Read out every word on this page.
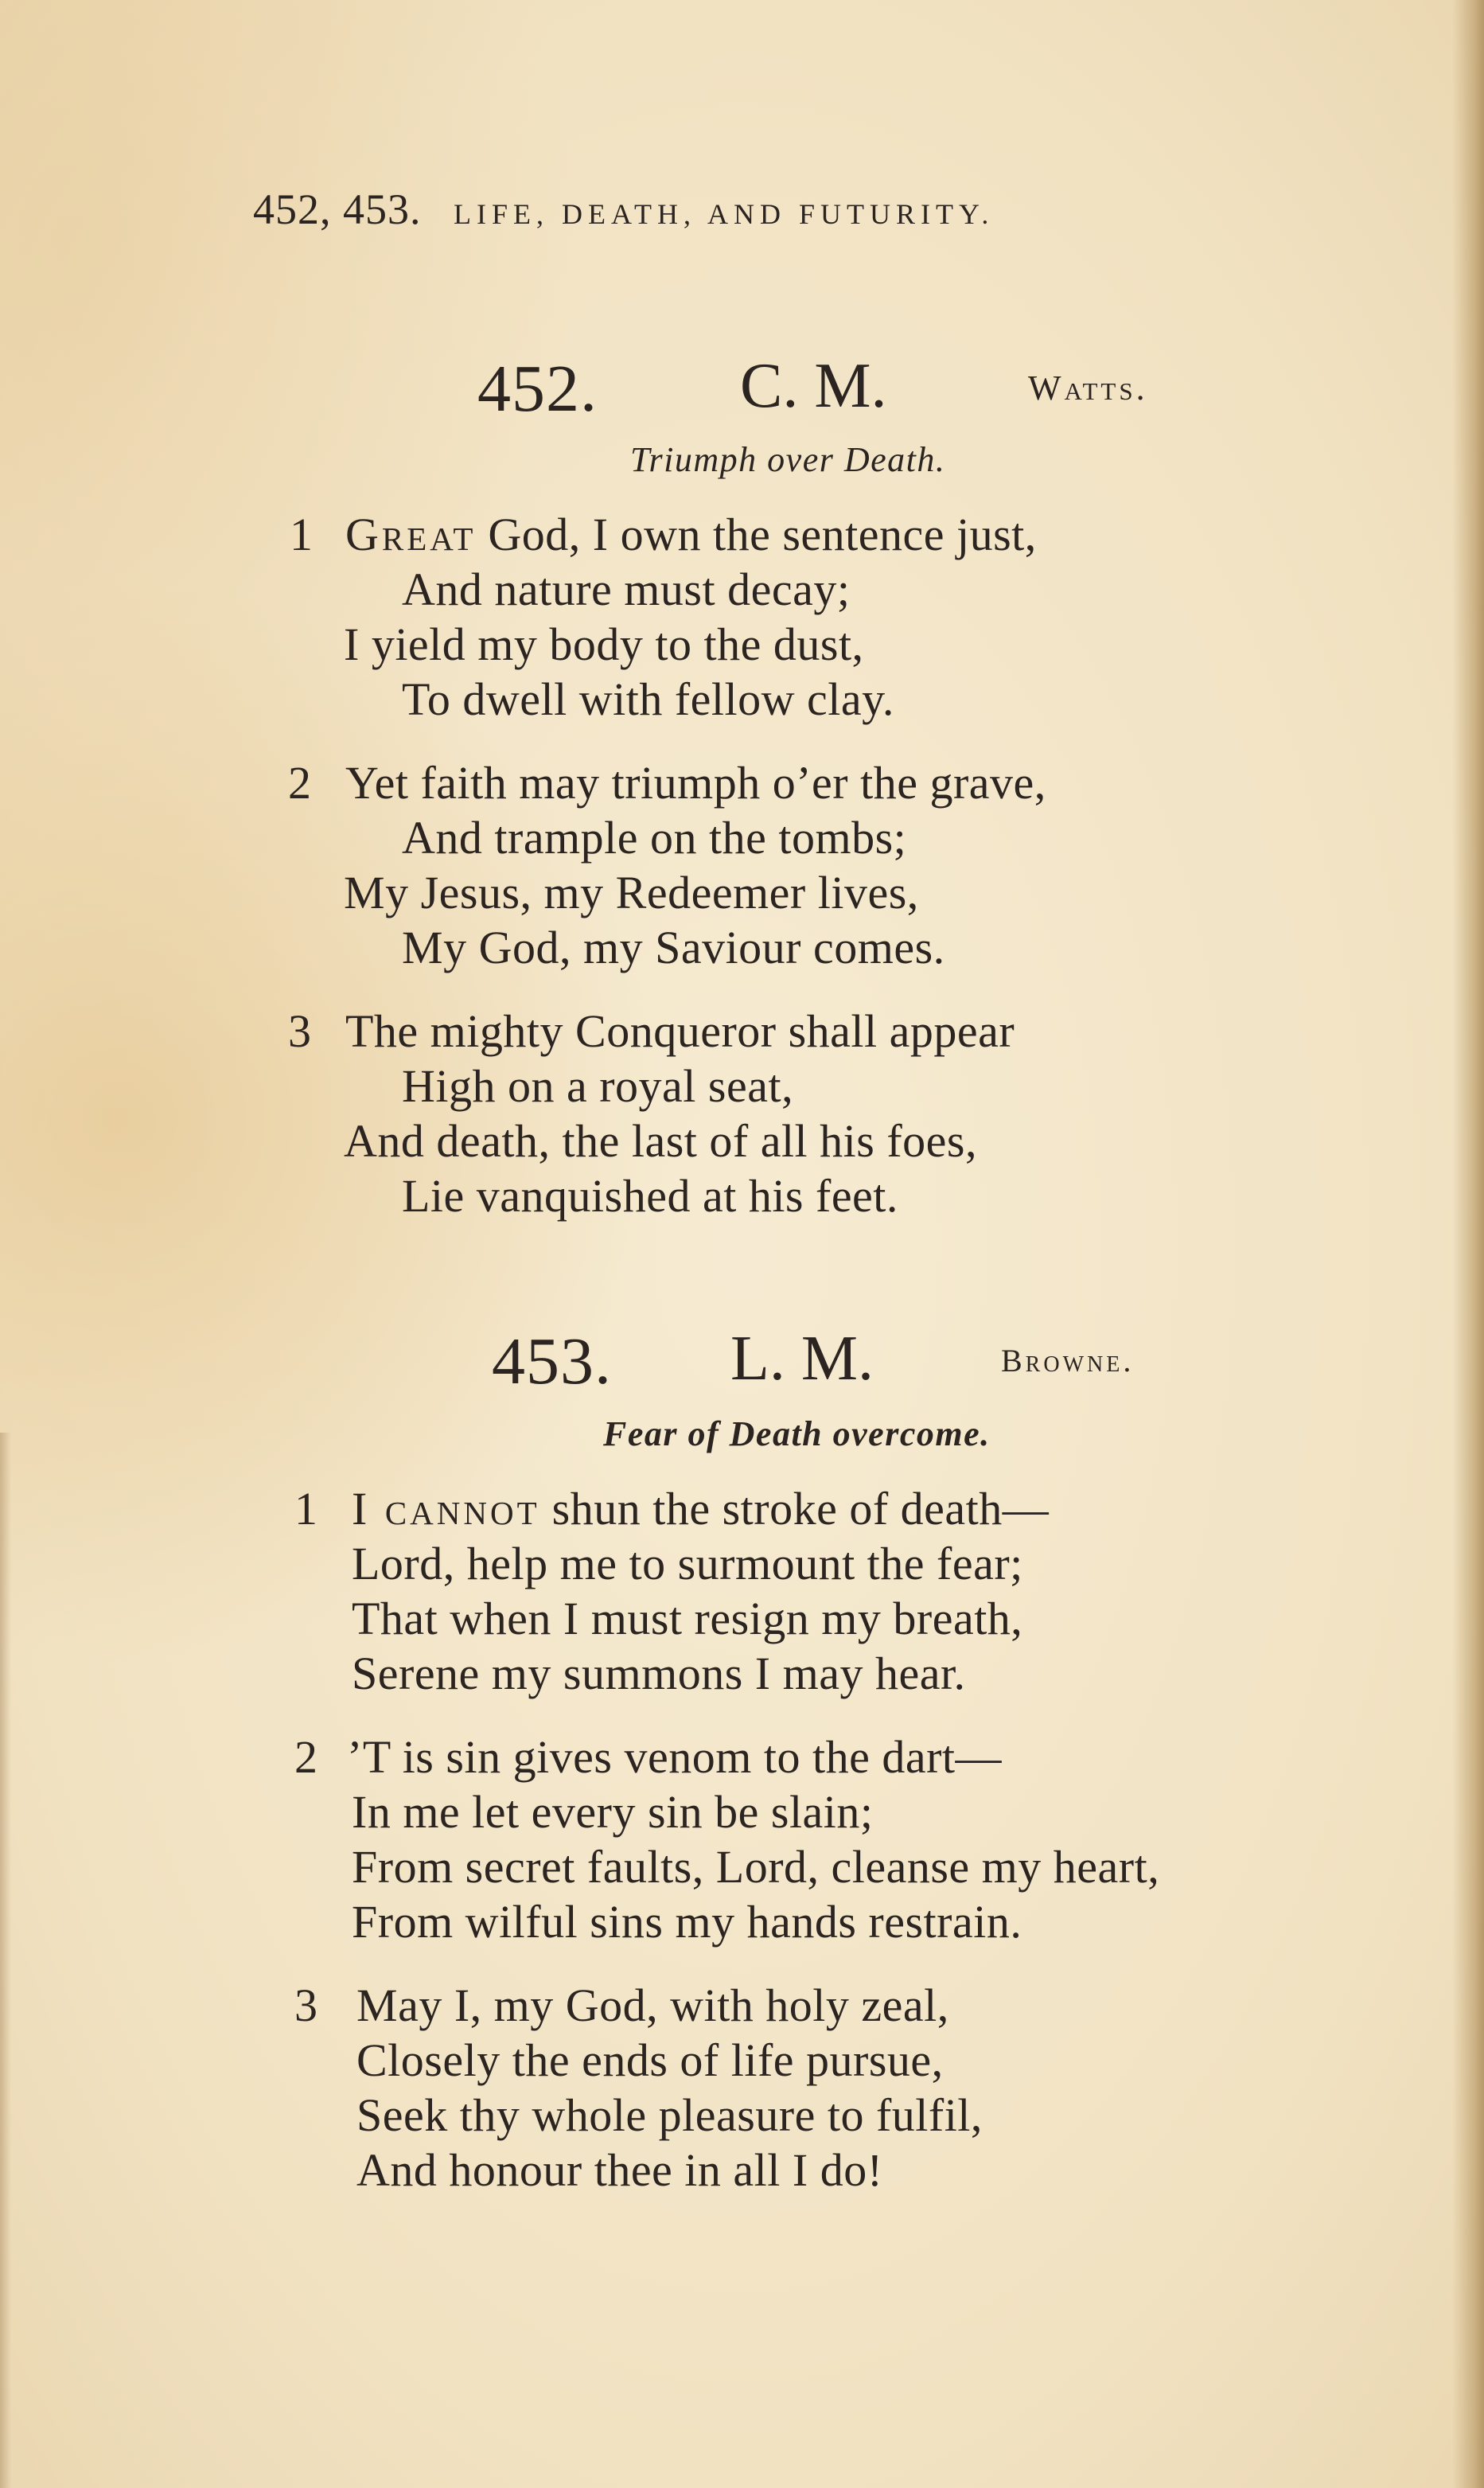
452, 453. LIFE, DEATH, AND FUTURITY.
452. C. M.	Watts.
Triumph over Death.
1 Great God, I own the sentence just,
And nature must decay;
I yield my body to the dust,
To dwell with fellow clay.
2 Yet faith may triumph o’er the grave,
And trample on the tombs;
My Jesus, my Redeemer lives,
My God, my Saviour comes.
3 The mighty Conqueror shall appear
High on a royal seat,
And death, the last of all his foes,
Lie vanquished at his feet.
453. L. M.	Browne.
Fear of Death overcome.
1 I cannot shun the stroke of death—
Lord, help me to surmount the fear;
That when I must resign my breath,
Serene my summons I may hear.
2 ’T is sin gives venom to the dart—
In me let every sin be slain;
From secret faults, Lord, cleanse my heart,
From wilful sins my hands restrain.
3 May I, my God, with holy zeal,
Closely the ends of life pursue,
Seek thy whole pleasure to fulfil,
And honour thee in all I do!
